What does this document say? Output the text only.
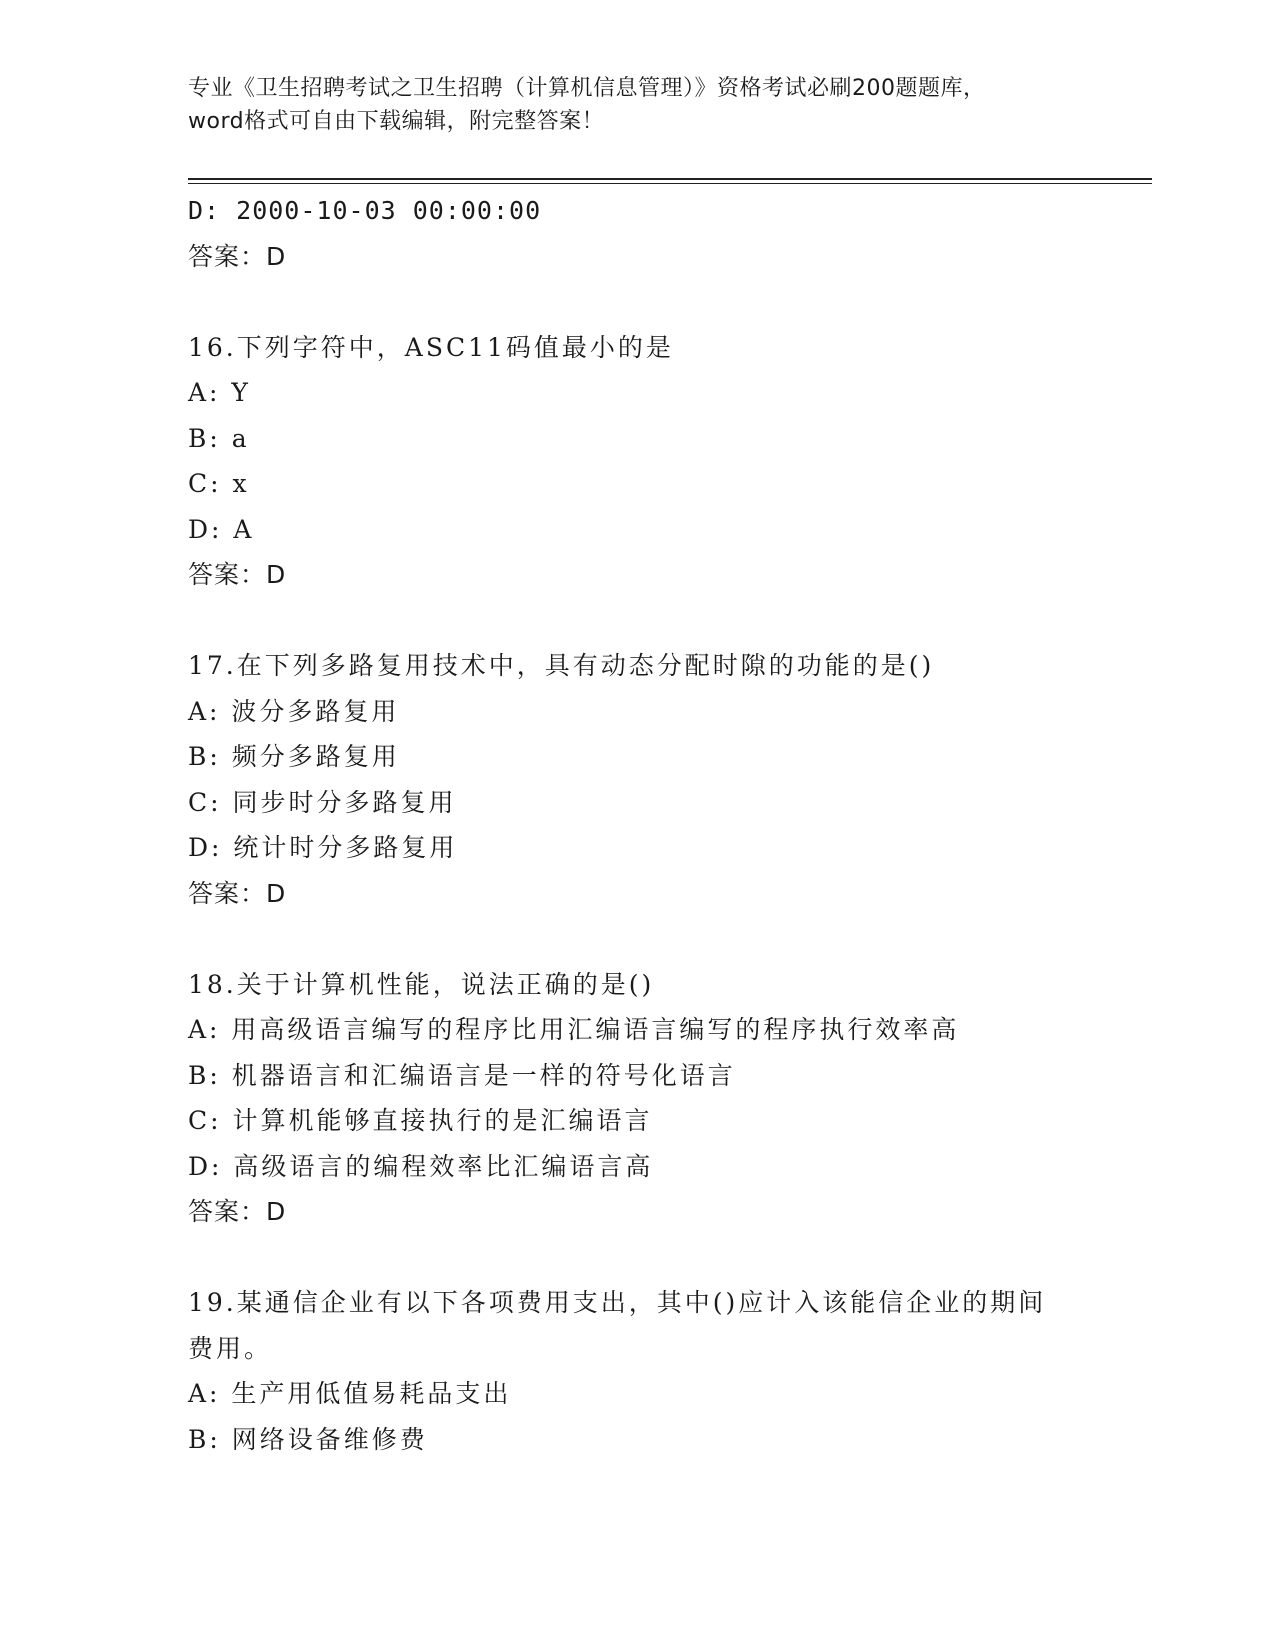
专业《卫生招聘考试之卫生招聘（计算机信息管理）》资格考试必刷200题题库，
word格式可自由下载编辑，附完整答案！
D: 2000-10-03 00:00:00
答案：D
16.下列字符中，ASC11码值最小的是
A: Y
B: a
C: x
D: A
答案：D
17.在下列多路复用技术中，具有动态分配时隙的功能的是()
A: 波分多路复用
B: 频分多路复用
C: 同步时分多路复用
D: 统计时分多路复用
答案：D
18.关于计算机性能，说法正确的是()
A: 用高级语言编写的程序比用汇编语言编写的程序执行效率高
B: 机器语言和汇编语言是一样的符号化语言
C: 计算机能够直接执行的是汇编语言
D: 高级语言的编程效率比汇编语言高
答案：D
19.某通信企业有以下各项费用支出，其中()应计入该能信企业的期间
费用。
A: 生产用低值易耗品支出
B: 网络设备维修费
